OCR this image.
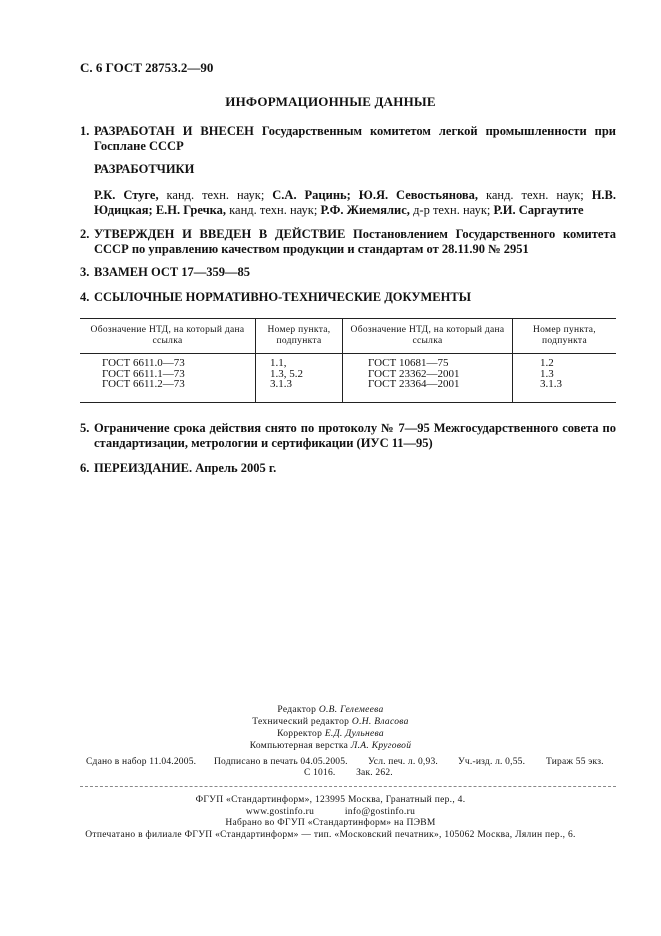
С. 6 ГОСТ 28753.2—90
ИНФОРМАЦИОННЫЕ ДАННЫЕ
1. РАЗРАБОТАН И ВНЕСЕН Государственным комитетом легкой промышленности при Госплане СССР
РАЗРАБОТЧИКИ
Р.К. Стуге, канд. техн. наук; С.А. Рацинь; Ю.Я. Севостьянова, канд. техн. наук; Н.В. Юдицкая; Е.Н. Гречка, канд. техн. наук; Р.Ф. Жиемялис, д-р техн. наук; Р.И. Саргаутите
2. УТВЕРЖДЕН И ВВЕДЕН В ДЕЙСТВИЕ Постановлением Государственного комитета СССР по управлению качеством продукции и стандартам от 28.11.90 № 2951
3. ВЗАМЕН ОСТ 17—359—85
4. ССЫЛОЧНЫЕ НОРМАТИВНО-ТЕХНИЧЕСКИЕ ДОКУМЕНТЫ
Обозначение НТД, на который дана ссылка
Номер пункта, подпункта
Обозначение НТД, на который дана ссылка
Номер пункта, подпункта
ГОСТ 6611.0—73
ГОСТ 6611.1—73
ГОСТ 6611.2—73
1.1,
1.3, 5.2
3.1.3
ГОСТ 10681—75
ГОСТ 23362—2001
ГОСТ 23364—2001
1.2
1.3
3.1.3
5. Ограничение срока действия снято по протоколу № 7—95 Межгосударственного совета по стандартизации, метрологии и сертификации (ИУС 11—95)
6. ПЕРЕИЗДАНИЕ. Апрель 2005 г.
Редактор О.В. Гелемеева
Технический редактор О.Н. Власова
Корректор Е.Д. Дульнева
Компьютерная верстка Л.А. Круговой
Сдано в набор 11.04.2005. Подписано в печать 04.05.2005. Усл. печ. л. 0,93. Уч.-изд. л. 0,55. Тираж 55 экз.
С 1016. Зак. 262.
ФГУП «Стандартинформ», 123995 Москва, Гранатный пер., 4.
www.gostinfo.ru	info@gostinfo.ru
Набрано во ФГУП «Стандартинформ» на ПЭВМ
Отпечатано в филиале ФГУП «Стандартинформ» — тип. «Московский печатник», 105062 Москва, Лялин пер., 6.
